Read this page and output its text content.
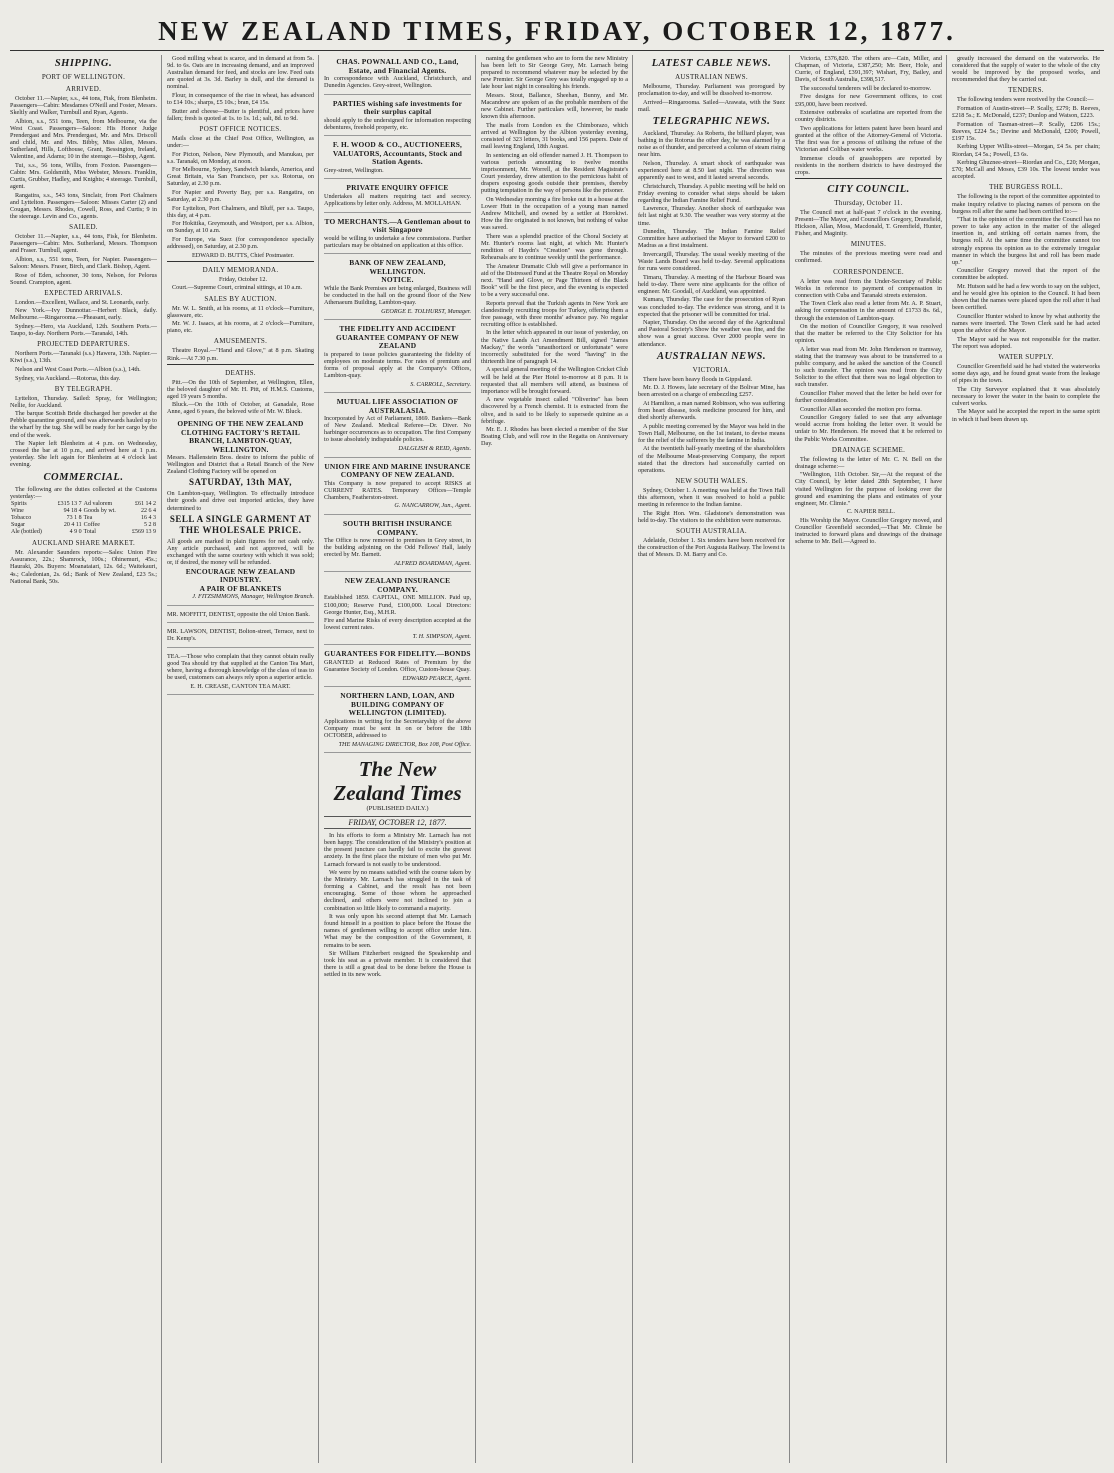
NEW ZEALAND TIMES, FRIDAY, OCTOBER 12, 1877.
SHIPPING.
PORT OF WELLINGTON.
ARRIVED.

October 11.—Napier, s.s., 44 tons, Fisk, from Blenheim. Passengers—Cabin: Mesdames O'Neill and Foster, Messrs. Skeltly and Walker, Turnbull and Ryan, Agents.

Albion, s.s., 551 tons, Teen, from Melbourne, via the West Coast. Passengers—Saloon: His Honor Judge Prendergast and Mrs. Prendergast, Mr. and Mrs. Driscoll and child, Mr. and Mrs. Bibby, Miss Allen, Messrs. Sutherland, Hills, Lofthouse, Grant, Bessington, Ireland, Valentine, and Adams; 10 in the steerage.—Bishop, Agent.

Tui, s.s., 56 tons, Willis, from Foxton. Passengers—Cabin: Mrs. Goldsmith, Miss Webster, Messrs. Franklin, Curtis, Grubber, Hadley, and Knights; 4 steerage. Turnbull, agent.

Rangatira, s.s., 543 tons, Sinclair, from Port Chalmers and Lyttelton. Passengers—Saloon: Misses Carter (2) and Cougan, Messrs. Rhodes, Cowell, Ross, and Curtis; 9 in the steerage. Levin and Co., agents.

SAILED.

October 11.—Napier, s.s., 44 tons, Fisk, for Blenheim. Passengers—Cabin: Mrs. Sutherland, Messrs. Thompson and Fraser. Turnbull, agent.

Albion, s.s., 551 tons, Teen, for Napier. Passengers—Saloon: Messrs. Fraser, Birch, and Clark. Bishop, Agent.

Rose of Eden, schooner, 30 tons, Nelson, for Pelorus Sound. Crampton, agent.

EXPECTED ARRIVALS.

London.—Excellent, Wallace, and St. Leonards, early.

New York.—Ivy Dunnottar.—Herbert Black, daily. Melbourne.—Ringarooma.—Pheasant, early.

Sydney.—Hero, via Auckland, 12th. Southern Ports.—Taupo, to-day. Northern Ports.—Taranaki, 14th.

PROJECTED DEPARTURES.

Northern Ports.—Taranaki (s.s.) Hawera, 13th. Napier.—Kiwi (s.s.), 13th.

Nelson and West Coast Ports.—Albion (s.s.), 14th.

Sydney, via Auckland.—Rotorua, this day.

BY TELEGRAPH.

Lyttelton, Thursday. Sailed: Spray, for Wellington; Nellie, for Auckland.

The barque Scottish Bride discharged her powder at the Pebble quarantine ground, and was afterwards hauled up to the wharf by the tug. She will be ready for her cargo by the end of the week.

The Napier left Blenheim at 4 p.m. on Wednesday, crossed the bar at 10 p.m., and arrived here at 1 p.m. yesterday. She left again for Blenheim at 4 o'clock last evening.

COMMERCIAL.

The following are the duties collected at the Customs yesterday:—

Spirits	£315 13 7	Ad valorem	£61 14 2
Wine	94 18 4	Goods by wt.	22 6 4
Tobacco	73 1 8	Tea	16 4 3
Sugar	20 4 11	Coffee	5 2 8
Ale (bottled)	4 9 0	Total	£569 13 9
AUCKLAND SHARE MARKET.

Mr. Alexander Saunders reports:—Sales: Union Fire Assurance, 22s.; Shamrock, 100s.; Ohinemuri, 45s.; Hauraki, 20s. Buyers: Moanataiari, 12s. 6d.; Waitekauri, 4s.; Caledonian, 2s. 6d.; Bank of New Zealand, £23 5s.; National Bank, 50s.

Good milling wheat is scarce, and in demand at from 5s. 9d. to 6s. Oats are in increasing demand, and an improved Australian demand for feed, and stocks are low. Feed oats are quoted at 3s. 3d. Barley is dull, and the demand is nominal.

Flour, in consequence of the rise in wheat, has advanced to £14 10s.; sharps, £5 10s.; bran, £4 15s.

Butter and cheese—Butter is plentiful, and prices have fallen; fresh is quoted at 1s. to 1s. 1d.; salt, 8d. to 9d.

POST OFFICE NOTICES.

Mails close at the Chief Post Office, Wellington, as under:—

For Picton, Nelson, New Plymouth, and Manukau, per s.s. Taranaki, on Monday, at noon.

For Melbourne, Sydney, Sandwich Islands, America, and Great Britain, via San Francisco, per s.s. Rotorua, on Saturday, at 2.30 p.m.

For Napier and Poverty Bay, per s.s. Rangatira, on Saturday, at 2.30 p.m.

For Lyttelton, Port Chalmers, and Bluff, per s.s. Taupo, this day, at 4 p.m.

For Hokitika, Greymouth, and Westport, per s.s. Albion, on Sunday, at 10 a.m.

For Europe, via Suez (for correspondence specially addressed), on Saturday, at 2.30 p.m.

EDWARD D. BUTTS, Chief Postmaster.

DAILY MEMORANDA.

Friday, October 12.

Court.—Supreme Court, criminal sittings, at 10 a.m.

SALES BY AUCTION.

Mr. W. L. Smith, at his rooms, at 11 o'clock—Furniture, glassware, etc.

Mr. W. J. Isaacs, at his rooms, at 2 o'clock—Furniture, piano, etc.

AMUSEMENTS.

Theatre Royal.—"Hand and Glove," at 8 p.m. Skating Rink.—At 7.30 p.m.

DEATHS.

Pitt.—On the 10th of September, at Wellington, Ellen, the beloved daughter of Mr. H. Pitt, of H.M.S. Customs, aged 19 years 5 months.

Bluck.—On the 10th of October, at Ganadale, Rose Anne, aged 6 years, the beloved wife of Mr. W. Bluck.

OPENING OF THE NEW ZEALAND CLOTHING FACTORY'S RETAIL BRANCH, LAMBTON-QUAY, WELLINGTON.

Messrs. Hallenstein Bros. desire to inform the public of Wellington and District that a Retail Branch of the New Zealand Clothing Factory will be opened on

SATURDAY, 13th MAY,

On Lambton-quay, Wellington. To effectually introduce their goods and drive out imported articles, they have determined to

SELL A SINGLE GARMENT AT THE WHOLESALE PRICE.

All goods are marked in plain figures for net cash only. Any article purchased, and not approved, will be exchanged with the same courtesy with which it was sold; or, if desired, the money will be refunded.

ENCOURAGE NEW ZEALAND INDUSTRY.
A PAIR OF BLANKETS

J. FITZSIMMONS, Manager, Wellington Branch.

MR. MOFFITT, DENTIST, opposite the old Union Bank.

MR. LAWSON, DENTIST, Bolton-street, Terrace, next to Dr. Kemp's.

TEA.—Those who complain that they cannot obtain really good Tea should try that supplied at the Canton Tea Mart, where, having a thorough knowledge of the class of teas to be used, customers can always rely upon a superior article.

E. H. CREASE, CANTON TEA MART.

CHAS. POWNALL AND CO., Land, Estate, and Financial Agents.

In correspondence with Auckland, Christchurch, and Dunedin Agencies. Grey-street, Wellington.

PARTIES wishing safe investments for their surplus capital

should apply to the undersigned for information respecting debentures, freehold property, etc.

F. H. WOOD & CO., AUCTIONEERS, VALUATORS, Accountants, Stock and Station Agents.

Grey-street, Wellington.

PRIVATE ENQUIRY OFFICE

Undertakes all matters requiring tact and secrecy. Applications by letter only. Address, M. MOLLAHAN.

TO MERCHANTS.—A Gentleman about to visit Singapore

would be willing to undertake a few commissions. Further particulars may be obtained on application at this office.

BANK OF NEW ZEALAND, WELLINGTON.
NOTICE.

While the Bank Premises are being enlarged, Business will be conducted in the hall on the ground floor of the New Athenaeum Building, Lambton-quay.

GEORGE E. TOLHURST, Manager.

THE FIDELITY AND ACCIDENT GUARANTEE COMPANY OF NEW ZEALAND

is prepared to issue policies guaranteeing the fidelity of employees on moderate terms. For rates of premium and forms of proposal apply at the Company's Offices, Lambton-quay.

S. CARROLL, Secretary.

MUTUAL LIFE ASSOCIATION OF AUSTRALASIA.

Incorporated by Act of Parliament, 1869. Bankers—Bank of New Zealand. Medical Referee—Dr. Diver. No harbinger occurrences as to occupation. The first Company to issue absolutely indisputable policies.

DALGLISH & REID, Agents.

UNION FIRE AND MARINE INSURANCE COMPANY OF NEW ZEALAND.

This Company is now prepared to accept RISKS at CURRENT RATES. Temporary Offices—Temple Chambers, Featherston-street.

G. NANCARROW, Jun., Agent.

SOUTH BRITISH INSURANCE COMPANY.

The Office is now removed to premises in Grey street, in the building adjoining on the Odd Fellows' Hall, lately erected by Mr. Barnett.

ALFRED BOARDMAN, Agent.

NEW ZEALAND INSURANCE COMPANY.

Established 1859. CAPITAL, ONE MILLION. Paid up, £100,000; Reserve Fund, £100,000. Local Directors: George Hunter, Esq., M.H.R.

Fire and Marine Risks of every description accepted at the lowest current rates.

T. H. SIMPSON, Agent.

GUARANTEES FOR FIDELITY.—BONDS

GRANTED at Reduced Rates of Premium by the Guarantee Society of London. Office, Custom-house Quay.

EDWARD PEARCE, Agent.

NORTHERN LAND, LOAN, AND BUILDING COMPANY OF WELLINGTON (LIMITED).

Applications in writing for the Secretaryship of the above Company must be sent in on or before the 18th OCTOBER, addressed to

THE MANAGING DIRECTOR, Box 108, Post Office.

The New Zealand Times
(PUBLISHED DAILY.)
FRIDAY, OCTOBER 12, 1877.

In his efforts to form a Ministry Mr. Larnach has not been happy. The consideration of the Ministry's position at the present juncture can hardly fail to excite the gravest anxiety. In the first place the mixture of men who put Mr. Larnach forward is not easily to be understood.

We were by no means satisfied with the course taken by the Ministry. Mr. Larnach has struggled in the task of forming a Cabinet, and the result has not been encouraging. Some of those whom he approached declined, and others were not inclined to join a combination so little likely to command a majority.

It was only upon his second attempt that Mr. Larnach found himself in a position to place before the House the names of gentlemen willing to accept office under him. What may be the composition of the Government, it remains to be seen.

Sir William Fitzherbert resigned the Speakership and took his seat as a private member. It is considered that there is still a great deal to be done before the House is settled in its new work.

naming the gentlemen who are to form the new Ministry has been left to Sir George Grey, Mr. Larnach being prepared to recommend whatever may be selected by the new Premier. Sir George Grey was totally engaged up to a late hour last night in consulting his friends.

Messrs. Stout, Ballance, Sheehan, Bunny, and Mr. Macandrew are spoken of as the probable members of the new Cabinet. Further particulars will, however, be made known this afternoon.

The mails from London ex the Chimborazo, which arrived at Wellington by the Albion yesterday evening, consisted of 323 letters, 31 books, and 156 papers. Date of mail leaving England, 18th August.

In sentencing an old offender named J. H. Thompson to various periods amounting to twelve months imprisonment, Mr. Worrell, at the Resident Magistrate's Court yesterday, drew attention to the pernicious habit of drapers exposing goods outside their premises, thereby putting temptation in the way of persons like the prisoner.

On Wednesday morning a fire broke out in a house at the Lower Hutt in the occupation of a young man named Andrew Mitchell, and owned by a settler at Horokiwi. How the fire originated is not known, but nothing of value was saved.

There was a splendid practice of the Choral Society at Mr. Hunter's rooms last night, at which Mr. Hunter's rendition of Haydn's "Creation" was gone through. Rehearsals are to continue weekly until the performance.

The Amateur Dramatic Club will give a performance in aid of the Distressed Fund at the Theatre Royal on Monday next. "Hand and Glove, or Page Thirteen of the Black Book" will be the first piece, and the evening is expected to be a very successful one.

Reports prevail that the Turkish agents in New York are clandestinely recruiting troops for Turkey, offering them a free passage, with three months' advance pay. No regular recruiting office is established.

In the letter which appeared in our issue of yesterday, on the Native Lands Act Amendment Bill, signed "James Mackay," the words "unauthorized or unfortunate" were incorrectly substituted for the word "having" in the thirteenth line of paragraph 14.

A special general meeting of the Wellington Cricket Club will be held at the Pier Hotel to-morrow at 8 p.m. It is requested that all members will attend, as business of importance will be brought forward.

A new vegetable insect called "Oliverine" has been discovered by a French chemist. It is extracted from the olive, and is said to be likely to supersede quinine as a febrifuge.

Mr. E. J. Rhodes has been elected a member of the Star Boating Club, and will row in the Regatta on Anniversary Day.

LATEST CABLE NEWS.
AUSTRALIAN NEWS.

Melbourne, Thursday. Parliament was prorogued by proclamation to-day, and will be dissolved to-morrow.

Arrived—Ringarooma. Sailed—Arawata, with the Suez mail.

TELEGRAPHIC NEWS.

Auckland, Thursday. As Roberts, the billiard player, was bathing in the Rotorua the other day, he was alarmed by a noise as of thunder, and perceived a column of steam rising near him.

Nelson, Thursday. A smart shock of earthquake was experienced here at 8.50 last night. The direction was apparently east to west, and it lasted several seconds.

Christchurch, Thursday. A public meeting will be held on Friday evening to consider what steps should be taken regarding the Indian Famine Relief Fund.

Lawrence, Thursday. Another shock of earthquake was felt last night at 9.30. The weather was very stormy at the time.

Dunedin, Thursday. The Indian Famine Relief Committee have authorised the Mayor to forward £200 to Madras as a first instalment.

Invercargill, Thursday. The usual weekly meeting of the Waste Lands Board was held to-day. Several applications for runs were considered.

Timaru, Thursday. A meeting of the Harbour Board was held to-day. There were nine applicants for the office of engineer. Mr. Goodall, of Auckland, was appointed.

Kumara, Thursday. The case for the prosecution of Ryan was concluded to-day. The evidence was strong, and it is expected that the prisoner will be committed for trial.

Napier, Thursday. On the second day of the Agricultural and Pastoral Society's Show the weather was fine, and the show was a great success. Over 2000 people were in attendance.

AUSTRALIAN NEWS.
VICTORIA.

There have been heavy floods in Gippsland.

Mr. D. J. Howes, late secretary of the Bolivar Mine, has been arrested on a charge of embezzling £257.

At Hamilton, a man named Robinson, who was suffering from heart disease, took medicine procured for him, and died shortly afterwards.

A public meeting convened by the Mayor was held in the Town Hall, Melbourne, on the 1st instant, to devise means for the relief of the sufferers by the famine in India.

At the twentieth half-yearly meeting of the shareholders of the Melbourne Meat-preserving Company, the report stated that the directors had successfully carried on operations.

NEW SOUTH WALES.

Sydney, October 1. A meeting was held at the Town Hall this afternoon, when it was resolved to hold a public meeting in reference to the Indian famine.

The Right Hon. Wm. Gladstone's demonstration was held to-day. The visitors to the exhibition were numerous.

SOUTH AUSTRALIA.

Adelaide, October 1. Six tenders have been received for the construction of the Port Augusta Railway. The lowest is that of Messrs. D. M. Barry and Co.

Victoria, £376,820. The others are—Cain, Miller, and Chapman, of Victoria, £387,250; Mr. Beer, Hole, and Currie, of England, £391,397; Wishart, Fry, Bailey, and Davis, of South Australia, £398,517.

The successful tenderers will be declared to-morrow.

Five designs for new Government offices, to cost £95,000, have been received.

Extensive outbreaks of scarlatina are reported from the country districts.

Two applications for letters patent have been heard and granted at the office of the Attorney-General of Victoria. The first was for a process of utilising the refuse of the Victorian and Coliban water works.

Immense clouds of grasshoppers are reported by residents in the northern districts to have destroyed the crops.

CITY COUNCIL.
Thursday, October 11.

The Council met at half-past 7 o'clock in the evening. Present—The Mayor, and Councillors Gregory, Dransfield, Hickson, Allan, Moss, Macdonald, T. Greenfield, Hunter, Fisher, and Maginity.

MINUTES.

The minutes of the previous meeting were read and confirmed.

CORRESPONDENCE.

A letter was read from the Under-Secretary of Public Works in reference to payment of compensation in connection with Cuba and Taranaki streets extension.

The Town Clerk also read a letter from Mr. A. P. Stuart, asking for compensation in the amount of £1733 8s. 6d., through the extension of Lambton-quay.

On the motion of Councillor Gregory, it was resolved that the matter be referred to the City Solicitor for his opinion.

A letter was read from Mr. John Henderson re tramway, stating that the tramway was about to be transferred to a public company, and he asked the sanction of the Council to such transfer. The opinion was read from the City Solicitor to the effect that there was no legal objection to such transfer.

Councillor Fisher moved that the letter be held over for further consideration.

Councillor Allan seconded the motion pro forma.

Councillor Gregory failed to see that any advantage would accrue from holding the letter over. It would be unfair to Mr. Henderson. He moved that it be referred to the Public Works Committee.

DRAINAGE SCHEME.

The following is the letter of Mr. C. N. Bell on the drainage scheme:—

"Wellington, 11th October. Sir,—At the request of the City Council, by letter dated 28th September, I have visited Wellington for the purpose of looking over the ground and examining the plans and estimates of your engineer, Mr. Climie."

C. NAPIER BELL.

His Worship the Mayor. Councillor Gregory moved, and Councillor Greenfield seconded,—That Mr. Climie be instructed to forward plans and drawings of the drainage scheme to Mr. Bell.—Agreed to.

greatly increased the demand on the waterworks. He considered that the supply of water to the whole of the city would be improved by the proposed works, and recommended that they be carried out.

TENDERS.

The following tenders were received by the Council:—

Formation of Austin-street—P. Scally, £279; B. Reeves, £218 5s.; E. McDonald, £237; Dunlop and Watson, £223.

Formation of Tasman-street—P. Scally, £206 15s.; Reeves, £224 5s.; Devine and McDonald, £200; Powell, £197 15s.

Kerbing Upper Willis-street—Morgan, £4 5s. per chain; Riordan, £4 5s.; Powell, £3 6s.

Kerbing Ghuznee-street—Riordan and Co., £20; Morgan, £70; McCall and Moses, £39 10s. The lowest tender was accepted.

THE BURGESS ROLL.

The following is the report of the committee appointed to make inquiry relative to placing names of persons on the burgess roll after the same had been certified to:—

"That in the opinion of the committee the Council has no power to take any action in the matter of the alleged insertion in, and striking off certain names from, the burgess roll. At the same time the committee cannot too strongly express its opinion as to the extremely irregular manner in which the burgess list and roll has been made up."

Councillor Gregory moved that the report of the committee be adopted.

Mr. Hutson said he had a few words to say on the subject, and he would give his opinion to the Council. It had been shown that the names were placed upon the roll after it had been certified.

Councillor Hunter wished to know by what authority the names were inserted. The Town Clerk said he had acted upon the advice of the Mayor.

The Mayor said he was not responsible for the matter. The report was adopted.

WATER SUPPLY.

Councillor Greenfield said he had visited the waterworks some days ago, and he found great waste from the leakage of pipes in the town.

The City Surveyor explained that it was absolutely necessary to lower the water in the basin to complete the culvert works.

The Mayor said he accepted the report in the same spirit in which it had been drawn up.
